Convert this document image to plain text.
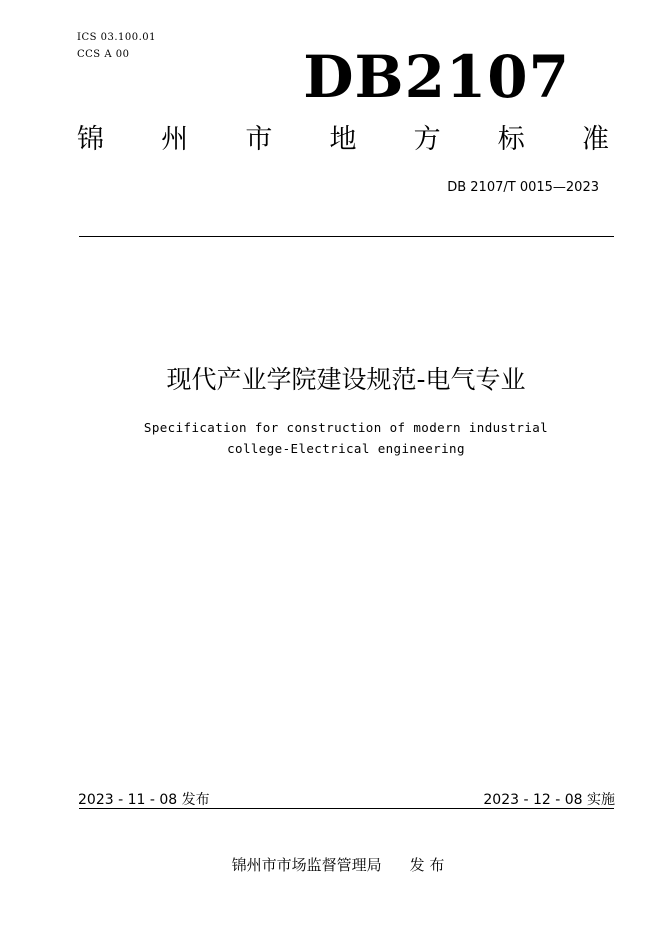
ICS 03.100.01
CCS A 00	DB2107
锦 州 市 地 方 标 准
DB 2107/T 0015—2023
现代产业学院建设规范-电气专业
Specification for construction of modern industrial
college-Electrical engineering
2023 - 11 - 08 发布	2023 - 12 - 08 实施
锦州市市场监督管理局 发 布
